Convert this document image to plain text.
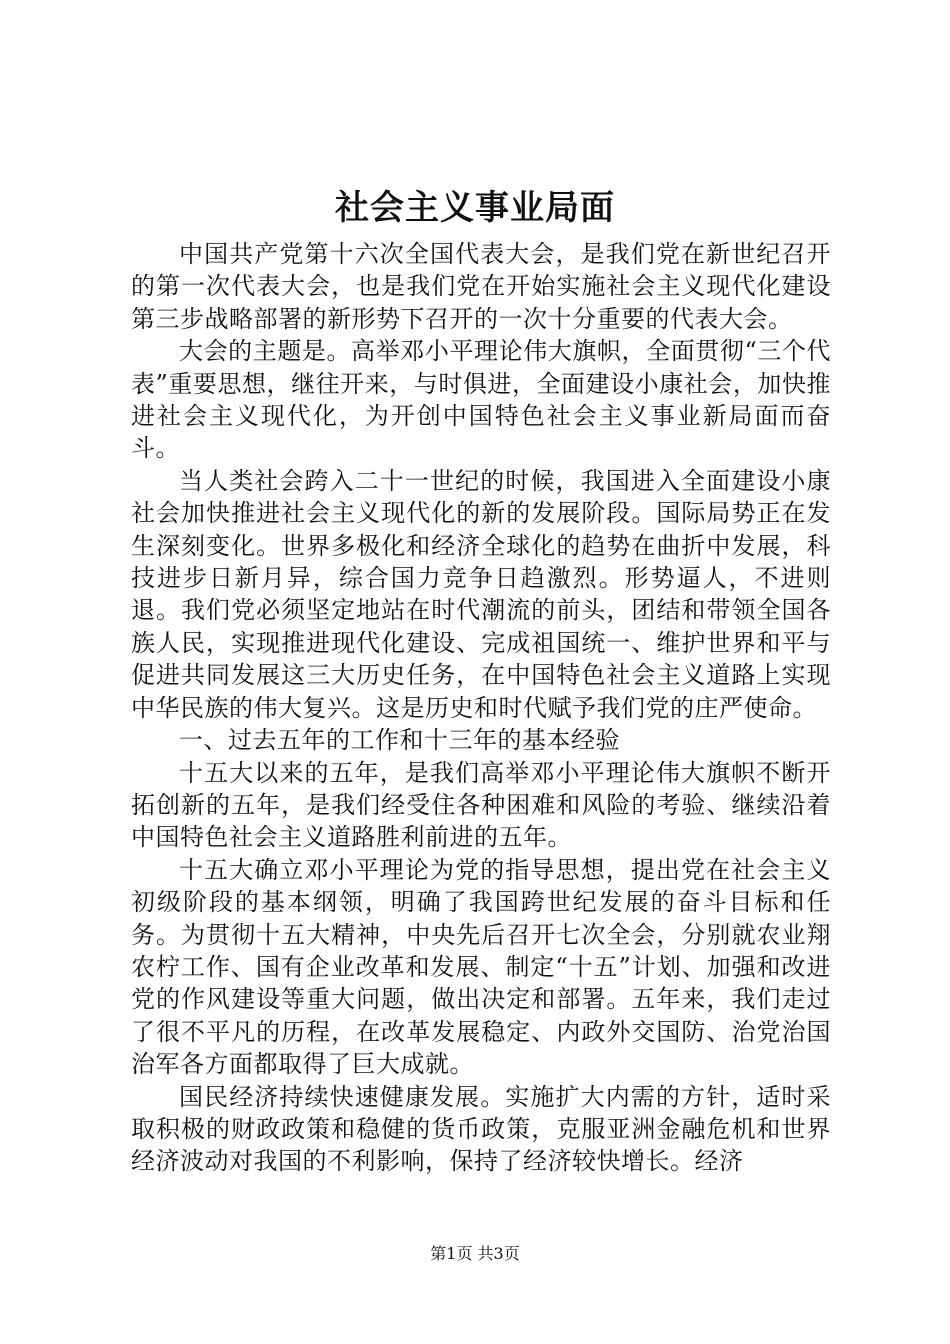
社会主义事业局面

中国共产党第十六次全国代表大会，是我们党在新世纪召开的第一次代表大会，也是我们党在开始实施社会主义现代化建设第三步战略部署的新形势下召开的一次十分重要的代表大会。

大会的主题是。高举邓小平理论伟大旗帜，全面贯彻“三个代表”重要思想，继往开来，与时俱进，全面建设小康社会，加快推进社会主义现代化，为开创中国特色社会主义事业新局面而奋斗。

当人类社会跨入二十一世纪的时候，我国进入全面建设小康社会加快推进社会主义现代化的新的发展阶段。国际局势正在发生深刻变化。世界多极化和经济全球化的趋势在曲折中发展，科技进步日新月异，综合国力竞争日趋激烈。形势逼人，不进则退。我们党必须坚定地站在时代潮流的前头，团结和带领全国各族人民，实现推进现代化建设、完成祖国统一、维护世界和平与促进共同发展这三大历史任务，在中国特色社会主义道路上实现中华民族的伟大复兴。这是历史和时代赋予我们党的庄严使命。

一、过去五年的工作和十三年的基本经验

十五大以来的五年，是我们高举邓小平理论伟大旗帜不断开拓创新的五年，是我们经受住各种困难和风险的考验、继续沿着中国特色社会主义道路胜利前进的五年。

十五大确立邓小平理论为党的指导思想，提出党在社会主义初级阶段的基本纲领，明确了我国跨世纪发展的奋斗目标和任务。为贯彻十五大精神，中央先后召开七次全会，分别就农业翔农柠工作、国有企业改革和发展、制定“十五”计划、加强和改进党的作风建设等重大问题，做出决定和部署。五年来，我们走过了很不平凡的历程，在改革发展稳定、内政外交国防、治党治国治军各方面都取得了巨大成就。

国民经济持续快速健康发展。实施扩大内需的方针，适时采取积极的财政政策和稳健的货币政策，克服亚洲金融危机和世界经济波动对我国的不利影响，保持了经济较快增长。经济

第1页 共3页
